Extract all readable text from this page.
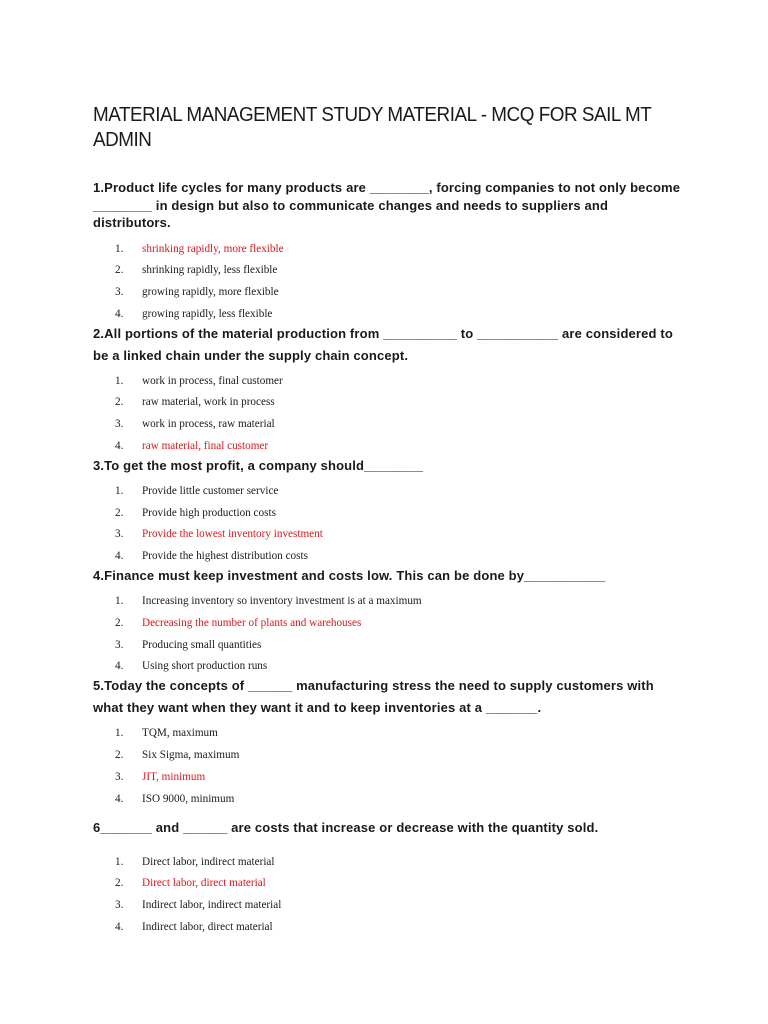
MATERIAL MANAGEMENT STUDY MATERIAL - MCQ FOR SAIL MT ADMIN

1.Product life cycles for many products are ________, forcing companies to not only become ________ in design but also to communicate changes and needs to suppliers and distributors.

1.	shrinking rapidly, more flexible
2.	shrinking rapidly, less flexible
3.	growing rapidly, more flexible
4.	growing rapidly, less flexible

2.All portions of the material production from __________ to ___________ are considered to be a linked chain under the supply chain concept.

1.	work in process, final customer
2.	raw material, work in process
3.	work in process, raw material
4.	raw material, final customer

3.To get the most profit, a company should________

1.	Provide little customer service
2.	Provide high production costs
3.	Provide the lowest inventory investment
4.	Provide the highest distribution costs

4.Finance must keep investment and costs low. This can be done by___________

1.	Increasing inventory so inventory investment is at a maximum
2.	Decreasing the number of plants and warehouses
3.	Producing small quantities
4.	Using short production runs

5.Today the concepts of ______ manufacturing stress the need to supply customers with what they want when they want it and to keep inventories at a _______.

1.	TQM, maximum
2.	Six Sigma, maximum
3.	JIT, minimum
4.	ISO 9000, minimum

6_______ and ______ are costs that increase or decrease with the quantity sold.

1.	Direct labor, indirect material
2.	Direct labor, direct material
3.	Indirect labor, indirect material
4.	Indirect labor, direct material
